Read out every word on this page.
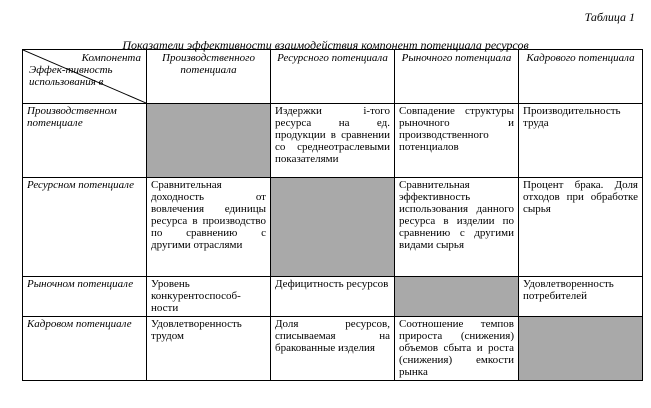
Таблица 1
Показатели эффективности взаимодействия компонент потенциала ресурсов
Компонента
Эффек-тивность использования в	Производственного потенциала	Ресурсного потенциала	Рыночного потенциала	Кадрового потенциала
Производственном потенциале		Издержки i-того ресурса на ед. продукции в сравнении со среднеотраслевыми показателями	Совпадение структуры рыночного и производственного потенциалов	Производительность труда
Ресурсном потенциале	Сравнительная доходность от вовлечения единицы ресурса в производство по сравнению с другими отраслями		Сравнительная эффективность использования данного ресурса в изделии по сравнению с другими видами сырья	Процент брака. Доля отходов при обработке сырья
Рыночном потенциале	Уровень конкурентоспособ-ности	Дефицитность ресурсов		Удовлетворенность потребителей
Кадровом потенциале	Удовлетворенность трудом	Доля ресурсов, списываемая на бракованные изделия	Соотношение темпов прироста (снижения) объемов сбыта и роста (снижения) емкости рынка	
